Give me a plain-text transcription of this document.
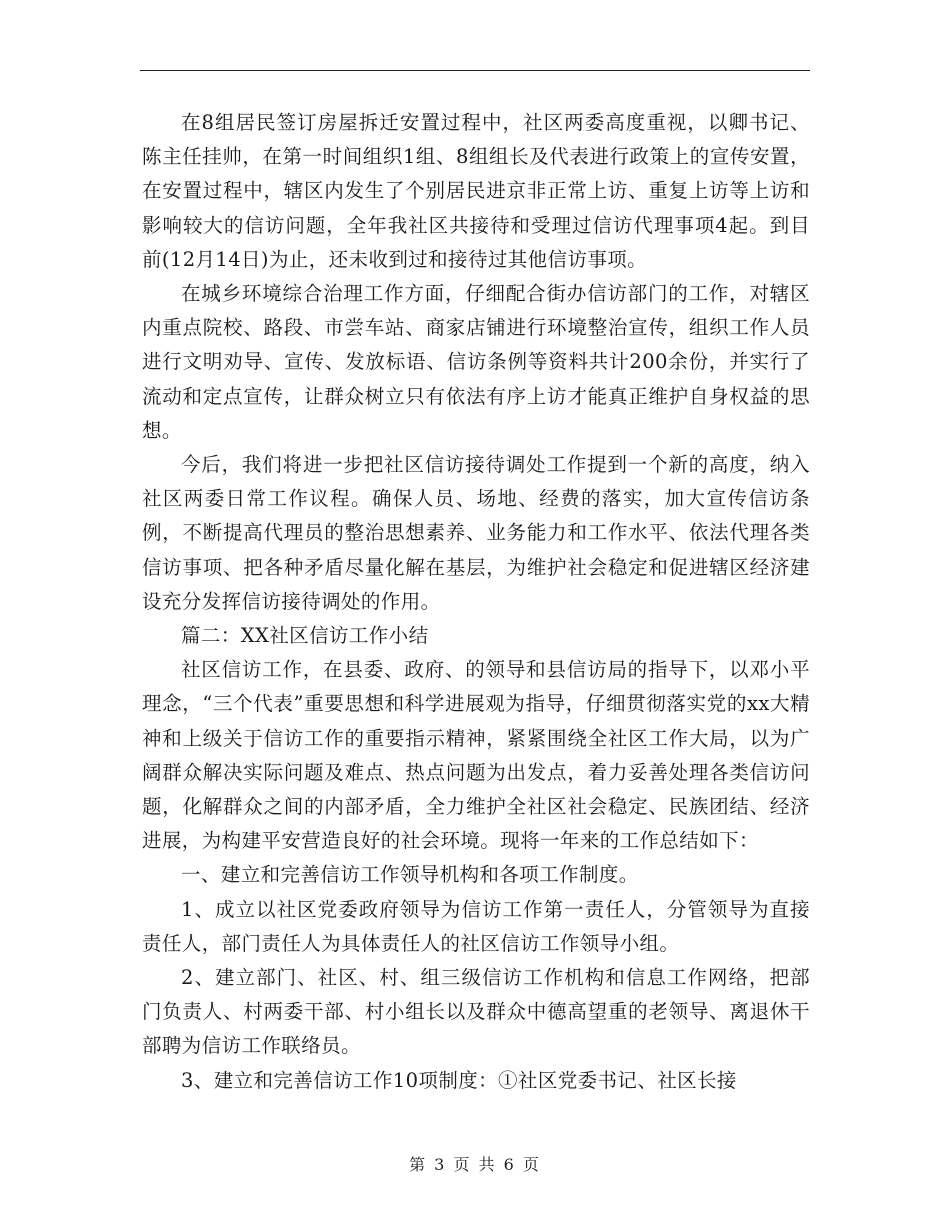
在8组居民签订房屋拆迁安置过程中，社区两委高度重视，以卿书记、陈主任挂帅，在第一时间组织1组、8组组长及代表进行政策上的宣传安置，在安置过程中，辖区内发生了个别居民进京非正常上访、重复上访等上访和影响较大的信访问题，全年我社区共接待和受理过信访代理事项4起。到目前(12月14日)为止，还未收到过和接待过其他信访事项。

在城乡环境综合治理工作方面，仔细配合街办信访部门的工作，对辖区内重点院校、路段、市尝车站、商家店铺进行环境整治宣传，组织工作人员进行文明劝导、宣传、发放标语、信访条例等资料共计200余份，并实行了流动和定点宣传，让群众树立只有依法有序上访才能真正维护自身权益的思想。

今后，我们将进一步把社区信访接待调处工作提到一个新的高度，纳入社区两委日常工作议程。确保人员、场地、经费的落实，加大宣传信访条例，不断提高代理员的整治思想素养、业务能力和工作水平、依法代理各类信访事项、把各种矛盾尽量化解在基层，为维护社会稳定和促进辖区经济建设充分发挥信访接待调处的作用。

篇二：XX社区信访工作小结

社区信访工作，在县委、政府、的领导和县信访局的指导下，以邓小平理念，“三个代表”重要思想和科学进展观为指导，仔细贯彻落实党的xx大精神和上级关于信访工作的重要指示精神，紧紧围绕全社区工作大局，以为广阔群众解决实际问题及难点、热点问题为出发点，着力妥善处理各类信访问题，化解群众之间的内部矛盾，全力维护全社区社会稳定、民族团结、经济进展，为构建平安营造良好的社会环境。现将一年来的工作总结如下：

一、建立和完善信访工作领导机构和各项工作制度。

1、成立以社区党委政府领导为信访工作第一责任人，分管领导为直接责任人，部门责任人为具体责任人的社区信访工作领导小组。

2、建立部门、社区、村、组三级信访工作机构和信息工作网络，把部门负责人、村两委干部、村小组长以及群众中德高望重的老领导、离退休干部聘为信访工作联络员。

3、建立和完善信访工作10项制度：①社区党委书记、社区长接

第 3 页 共 6 页
